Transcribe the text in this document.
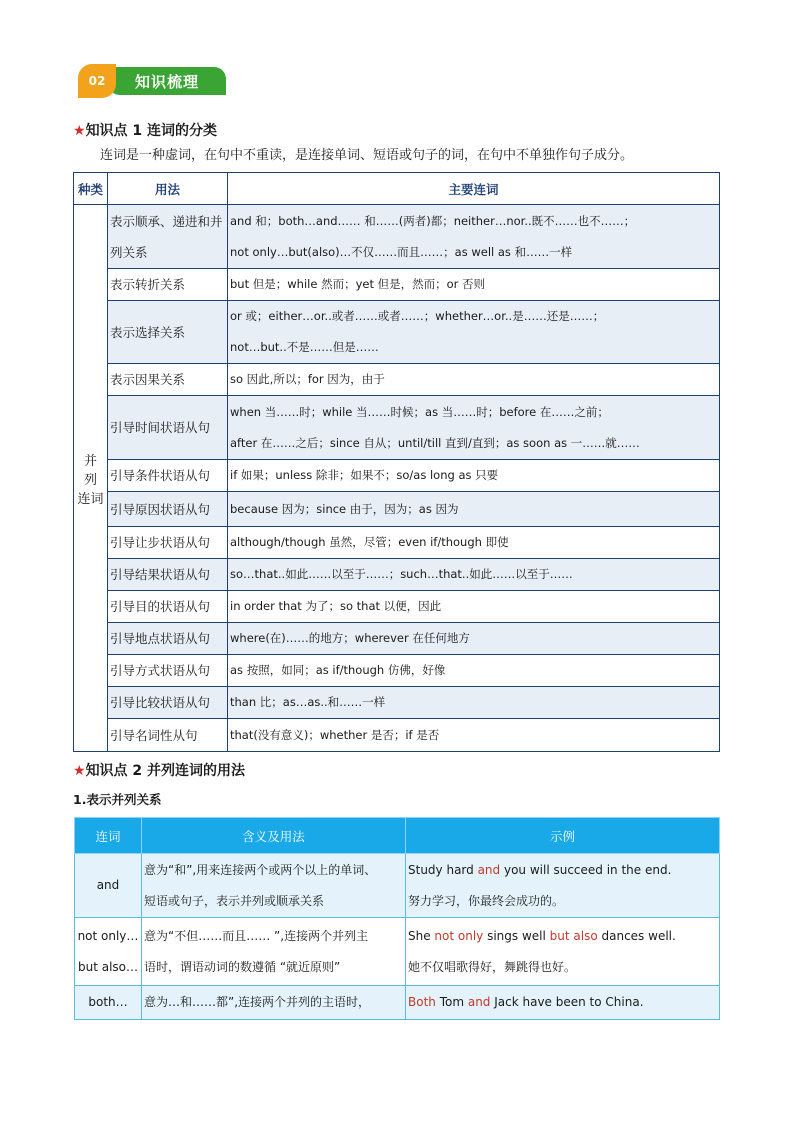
知识梳理
02
★知识点 1 连词的分类
连词是一种虚词，在句中不重读，是连接单词、短语或句子的词，在句中不单独作句子成分。
种类	用法	主要连词
并 列 连词	表示顺承、递进和并列关系	and 和；both…and…… 和……(两者)都；neither…nor..既不……也不……；
not only…but(also)…不仅……而且……；as well as 和……一样

	表示转折关系	but 但是；while 然而；yet 但是，然而；or 否则

	表示选择关系	or 或；either…or..或者……或者……；whether…or..是……还是……；
not…but..不是……但是……

	表示因果关系	so 因此,所以；for 因为，由于

	引导时间状语从句	when 当……时；while 当……时候；as 当……时；before 在……之前；
after 在……之后；since 自从；until/till 直到/直到；as soon as 一……就……

	引导条件状语从句	if 如果；unless 除非；如果不；so/as long as 只要

	引导原因状语从句	because 因为；since 由于，因为；as 因为

	引导让步状语从句	although/though 虽然，尽管；even if/though 即使

	引导结果状语从句	so…that..如此……以至于……；such…that..如此……以至于……

	引导目的状语从句	in order that 为了；so that 以便，因此

	引导地点状语从句	where(在)……的地方；wherever 在任何地方

	引导方式状语从句	as 按照，如同；as if/though 仿佛，好像

	引导比较状语从句	than 比；as…as..和……一样

	引导名词性从句	that(没有意义)；whether 是否；if 是否
★知识点 2 并列连词的用法
1.表示并列关系
连词	含义及用法	示例

and	意为“和”,用来连接两个或两个以上的单词、
短语或句子，表示并列或顺承关系	Study hard and you will succeed in the end.
努力学习，你最终会成功的。

not only…
but also…	意为“不但……而且…… ”,连接两个并列主
语时，谓语动词的数遵循 “就近原则”	She not only sings well but also dances well.
她不仅唱歌得好，舞跳得也好。

both…	意为…和……都”,连接两个并列的主语时，	Both Tom and Jack have been to China.
